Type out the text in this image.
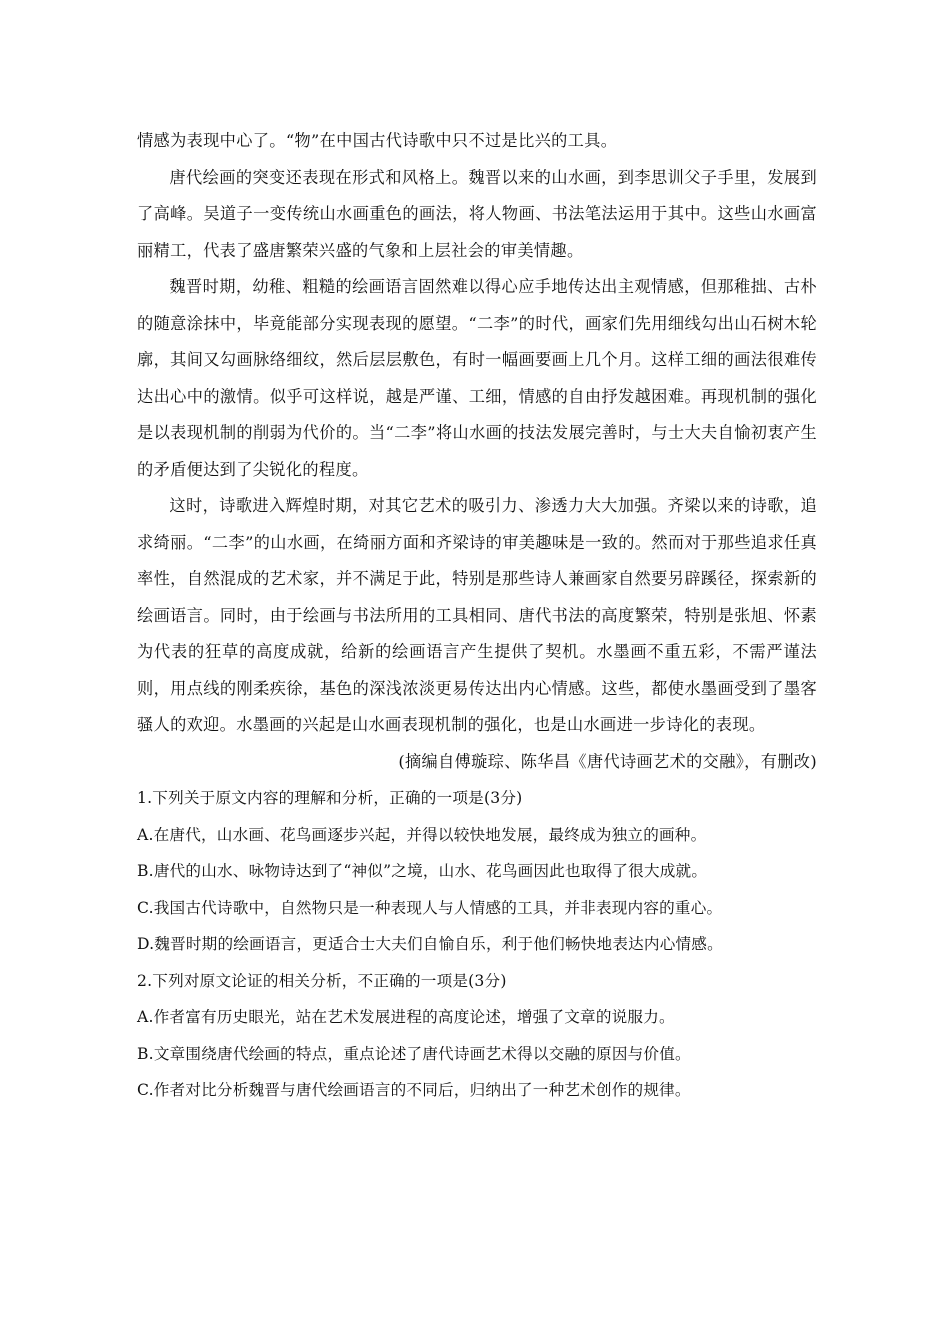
情感为表现中心了。“物”在中国古代诗歌中只不过是比兴的工具。

唐代绘画的突变还表现在形式和风格上。魏晋以来的山水画，到李思训父子手里，发展到了高峰。吴道子一变传统山水画重色的画法，将人物画、书法笔法运用于其中。这些山水画富丽精工，代表了盛唐繁荣兴盛的气象和上层社会的审美情趣。

魏晋时期，幼稚、粗糙的绘画语言固然难以得心应手地传达出主观情感，但那稚拙、古朴的随意涂抹中，毕竟能部分实现表现的愿望。“二李”的时代，画家们先用细线勾出山石树木轮廓，其间又勾画脉络细纹，然后层层敷色，有时一幅画要画上几个月。这样工细的画法很难传达出心中的激情。似乎可这样说，越是严谨、工细，情感的自由抒发越困难。再现机制的强化是以表现机制的削弱为代价的。当“二李”将山水画的技法发展完善时，与士大夫自愉初衷产生的矛盾便达到了尖锐化的程度。

这时，诗歌进入辉煌时期，对其它艺术的吸引力、渗透力大大加强。齐梁以来的诗歌，追求绮丽。“二李”的山水画，在绮丽方面和齐梁诗的审美趣味是一致的。然而对于那些追求任真率性，自然混成的艺术家，并不满足于此，特别是那些诗人兼画家自然要另辟蹊径，探索新的绘画语言。同时，由于绘画与书法所用的工具相同、唐代书法的高度繁荣，特别是张旭、怀素为代表的狂草的高度成就，给新的绘画语言产生提供了契机。水墨画不重五彩，不需严谨法则，用点线的刚柔疾徐，基色的深浅浓淡更易传达出内心情感。这些，都使水墨画受到了墨客骚人的欢迎。水墨画的兴起是山水画表现机制的强化，也是山水画进一步诗化的表现。

(摘编自傅璇琮、陈华昌《唐代诗画艺术的交融》，有删改)

1.下列关于原文内容的理解和分析，正确的一项是(3分)

A.在唐代，山水画、花鸟画逐步兴起，并得以较快地发展，最终成为独立的画种。

B.唐代的山水、咏物诗达到了“神似”之境，山水、花鸟画因此也取得了很大成就。

C.我国古代诗歌中，自然物只是一种表现人与人情感的工具，并非表现内容的重心。

D.魏晋时期的绘画语言，更适合士大夫们自愉自乐，利于他们畅快地表达内心情感。

2.下列对原文论证的相关分析，不正确的一项是(3分)

A.作者富有历史眼光，站在艺术发展进程的高度论述，增强了文章的说服力。

B.文章围绕唐代绘画的特点，重点论述了唐代诗画艺术得以交融的原因与价值。

C.作者对比分析魏晋与唐代绘画语言的不同后，归纳出了一种艺术创作的规律。
